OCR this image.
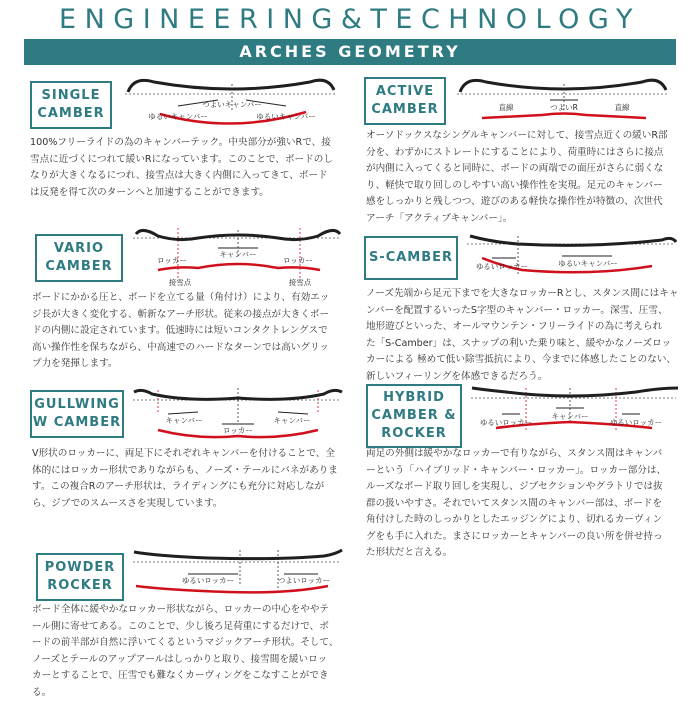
ENGINEERING&TECHNOLOGY
ARCHES GEOMETRY
SINGLE
CAMBER
つよいキャンバー
ゆるいキャンバー	ゆるいキャンバー
100%フリーライドの為のキャンバーテック。中央部分が強いRで、接
雪点に近づくにつれて緩いRになっています。このことで、ボードのし
なりが大きくなるにつれ、接雪点は大きく内側に入ってきて、ボード
は反発を得て次のターンへと加速することができます。
ACTIVE
CAMBER	つよいR
直線	直線
オーソドックスなシングルキャンバーに対して、接雪点近くの緩いR部
分を、わずかにストレートにすることにより、荷重時にはさらに接点
が内側に入ってくると同時に、ボードの両端での面圧がさらに弱くな
り、軽快で取り回しのしやすい高い操作性を実現。足元のキャンバー
感をしっかりと残しつつ、遊びのある軽快な操作性が特徴の、次世代
アーチ「アクティブキャンバー」。
VARIO
CAMBER
キャンバー
ロッカー	ロッカー
接雪点	接雪点
ボードにかかる圧と、ボードを立てる量（角付け）により、有効エッ
ジ長が大きく変化する、斬新なアーチ形状。従来の接点が大きくボー
ドの内側に設定されています。低速時には短いコンタクトレングスで
高い操作性を保ちながら、中高速でのハードなターンでは高いグリッ
プ力を発揮します。
S-CAMBER
ゆるいロッカー	ゆるいキャンバー
ノーズ先端から足元下までを大きなロッカーRとし、スタンス間にはキャ
ンバーを配置するいったS字型のキャンバー・ロッカー。深雪、圧雪、
地形遊びといった、オールマウンテン・フリーライドの為に考えられ
た「S-Camber」は、スナップの利いた乗り味と、緩やかなノーズロッ
カーによる 極めて低い除雪抵抗により、今までに体感したことのない、
新しいフィーリングを体感できるだろう。
GULLWING
W CAMBER	キャンバー	キャンバー
ロッカー
V形状のロッカーに、両足下にそれぞれキャンバーを付けることで、全
体的にはロッカー形状でありながらも、ノーズ・テールにバネがありま
す。この複合Rのアーチ形状は、ライディングにも充分に対応しなが
ら、ジブでのスムースさを実現しています。
HYBRID
CAMBER &
ROCKER
ゆるいロッカー
キャンバー
ゆるいロッカー
両足の外側は緩やかなロッカーで有りながら、スタンス間はキャンバ
ーという「ハイブリッド・キャンバー・ロッカー」。ロッカー部分は、
ルーズなボード取り回しを実現し、ジブセクションやグラトリでは抜
群の扱いやすさ。それでいてスタンス間のキャンバー部は、ボードを
角付けした時のしっかりとしたエッジングにより、切れるカーヴィン
グをも手に入れた。まさにロッカーとキャンバーの良い所を併せ持っ
た形状だと言える。
POWDER
ROCKER	ゆるいロッカー	つよいロッカー
ボード全体に緩やかなロッカー形状ながら、ロッカーの中心をややテ
ール側に寄せてある。このことで、少し後ろ足荷重にするだけで、ボ
ードの前半部が自然に浮いてくるというマジックアーチ形状。そして、
ノーズとテールのアップアールはしっかりと取り、接雪間を緩いロッ
カーとすることで、圧雪でも難なくカーヴィングをこなすことができ
る。
